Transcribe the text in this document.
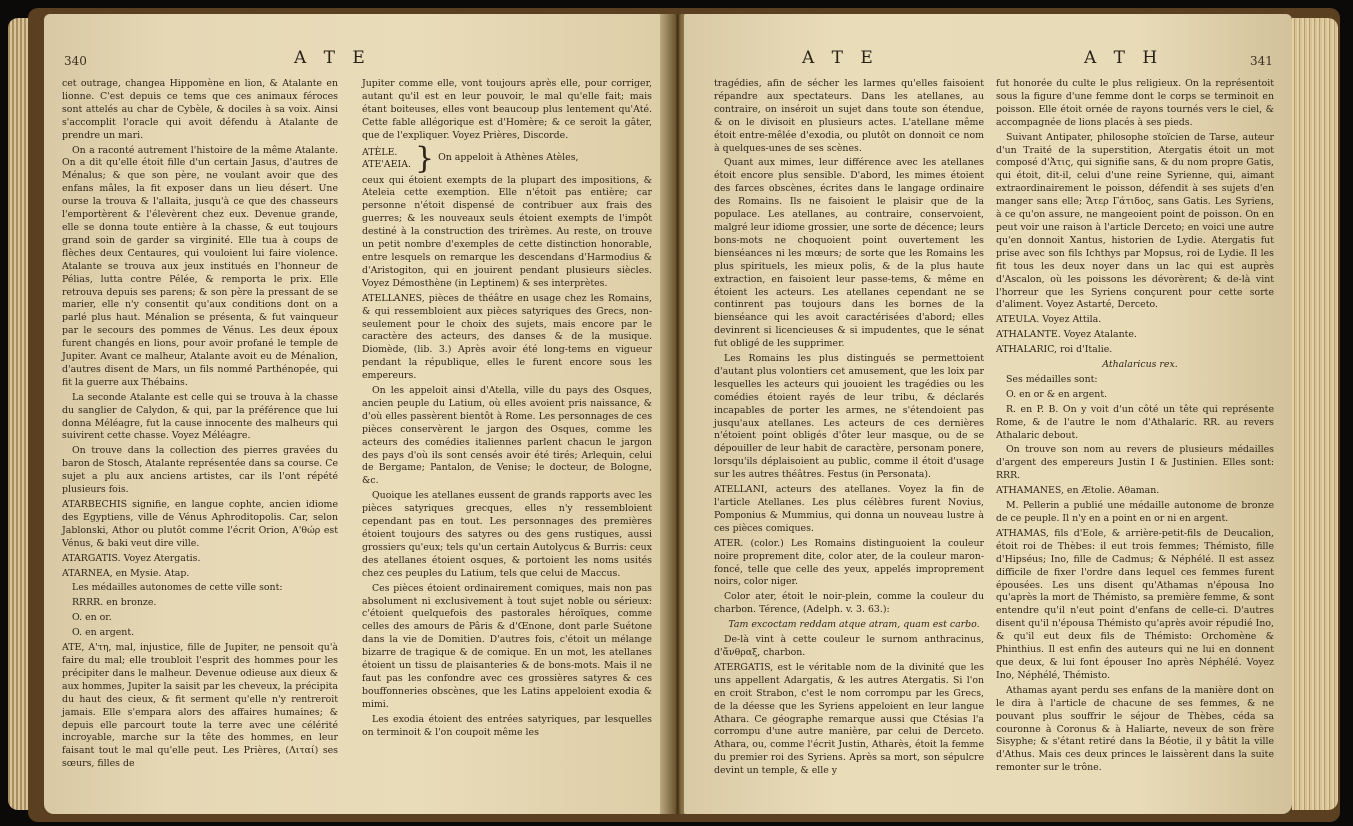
340	A T E

cet outrage, changea Hippomène en lion, & Atalante en lionne. C'est depuis ce tems que ces animaux féroces sont attelés au char de Cybèle, & dociles à sa voix. Ainsi s'accomplit l'oracle qui avoit défendu à Atalante de prendre un mari.

On a raconté autrement l'histoire de la même Atalante. On a dit qu'elle étoit fille d'un certain Jasus, d'autres de Ménalus; & que son père, ne voulant avoir que des enfans mâles, la fit exposer dans un lieu désert. Une ourse la trouva & l'allaita, jusqu'à ce que des chasseurs l'emportèrent & l'élevèrent chez eux. Devenue grande, elle se donna toute entière à la chasse, & eut toujours grand soin de garder sa virginité. Elle tua à coups de flèches deux Centaures, qui vouloient lui faire violence. Atalante se trouva aux jeux institués en l'honneur de Pélias, lutta contre Pélée, & remporta le prix. Elle retrouva depuis ses parens; & son père la pressant de se marier, elle n'y consentit qu'aux conditions dont on a parlé plus haut. Ménalion se présenta, & fut vainqueur par le secours des pommes de Vénus. Les deux époux furent changés en lions, pour avoir profané le temple de Jupiter. Avant ce malheur, Atalante avoit eu de Ménalion, d'autres disent de Mars, un fils nommé Parthénopée, qui fit la guerre aux Thébains.

La seconde Atalante est celle qui se trouva à la chasse du sanglier de Calydon, & qui, par la préférence que lui donna Méléagre, fut la cause innocente des malheurs qui suivirent cette chasse. Voyez Méléagre.

On trouve dans la collection des pierres gravées du baron de Stosch, Atalante représentée dans sa course. Ce sujet a plu aux anciens artistes, car ils l'ont répété plusieurs fois.

ATARBECHIS signifie, en langue cophte, ancien idiome des Egyptiens, ville de Vénus Aphroditopolis. Car, selon Jablonski, Athor ou plutôt comme l'écrit Orion, A'θώρ est Vénus, & baki veut dire ville.

ATARGATIS. Voyez Atergatis.

ATARNEA, en Mysie. Atap.

Les médailles autonomes de cette ville sont:

RRRR. en bronze.

O. en or.

O. en argent.

ATE, Α'τη, mal, injustice, fille de Jupiter, ne pensoit qu'à faire du mal; elle troubloit l'esprit des hommes pour les précipiter dans le malheur. Devenue odieuse aux dieux & aux hommes, Jupiter la saisit par les cheveux, la précipita du haut des cieux, & fit serment qu'elle n'y rentreroit jamais. Elle s'empara alors des affaires humaines; & depuis elle parcourt toute la terre avec une célérité incroyable, marche sur la tête des hommes, en leur faisant tout le mal qu'elle peut. Les Prières, (Λιταί) ses sœurs, filles de

Jupiter comme elle, vont toujours après elle, pour corriger, autant qu'il est en leur pouvoir, le mal qu'elle fait; mais étant boiteuses, elles vont beaucoup plus lentement qu'Até. Cette fable allégorique est d'Homère; & ce seroit la gâter, que de l'expliquer. Voyez Prières, Discorde.

ATÈLE.
ATE'AEIA. } On appeloit à Athènes Atèles,

ceux qui étoient exempts de la plupart des impositions, & Ateleia cette exemption. Elle n'étoit pas entière; car personne n'étoit dispensé de contribuer aux frais des guerres; & les nouveaux seuls étoient exempts de l'impôt destiné à la construction des trirèmes. Au reste, on trouve un petit nombre d'exemples de cette distinction honorable, entre lesquels on remarque les descendans d'Harmodius & d'Aristogiton, qui en jouirent pendant plusieurs siècles. Voyez Démosthène (in Leptinem) & ses interprètes.

ATELLANES, pièces de théâtre en usage chez les Romains, & qui ressembloient aux pièces satyriques des Grecs, non-seulement pour le choix des sujets, mais encore par le caractère des acteurs, des danses & de la musique. Diomède, (lib. 3.) Après avoir été long-tems en vigueur pendant la république, elles le furent encore sous les empereurs.

On les appeloit ainsi d'Atella, ville du pays des Osques, ancien peuple du Latium, où elles avoient pris naissance, & d'où elles passèrent bientôt à Rome. Les personnages de ces pièces conservèrent le jargon des Osques, comme les acteurs des comédies italiennes parlent chacun le jargon des pays d'où ils sont censés avoir été tirés; Arlequin, celui de Bergame; Pantalon, de Venise; le docteur, de Bologne, &c.

Quoique les atellanes eussent de grands rapports avec les pièces satyriques grecques, elles n'y ressembloient cependant pas en tout. Les personnages des premières étoient toujours des satyres ou des gens rustiques, aussi grossiers qu'eux; tels qu'un certain Autolycus & Burris: ceux des atellanes étoient osques, & portoient les noms usités chez ces peuples du Latium, tels que celui de Maccus.

Ces pièces étoient ordinairement comiques, mais non pas absolument ni exclusivement à tout sujet noble ou sérieux: c'étoient quelquefois des pastorales héroïques, comme celles des amours de Pâris & d'Œnone, dont parle Suétone dans la vie de Domitien. D'autres fois, c'étoit un mélange bizarre de tragique & de comique. En un mot, les atellanes étoient un tissu de plaisanteries & de bons-mots. Mais il ne faut pas les confondre avec ces grossières satyres & ces bouffonneries obscènes, que les Latins appeloient exodia & mimi.

Les exodia étoient des entrées satyriques, par lesquelles on terminoit & l'on coupoit même les

A T E	A T H	341

tragédies, afin de sécher les larmes qu'elles faisoient répandre aux spectateurs. Dans les atellanes, au contraire, on inséroit un sujet dans toute son étendue, & on le divisoit en plusieurs actes. L'atellane même étoit entre-mêlée d'exodia, ou plutôt on donnoit ce nom à quelques-unes de ses scènes.

Quant aux mimes, leur différence avec les atellanes étoit encore plus sensible. D'abord, les mimes étoient des farces obscènes, écrites dans le langage ordinaire des Romains. Ils ne faisoient le plaisir que de la populace. Les atellanes, au contraire, conservoient, malgré leur idiome grossier, une sorte de décence; leurs bons-mots ne choquoient point ouvertement les bienséances ni les mœurs; de sorte que les Romains les plus spirituels, les mieux polis, & de la plus haute extraction, en faisoient leur passe-tems, & même en étoient les acteurs. Les atellanes cependant ne se continrent pas toujours dans les bornes de la bienséance qui les avoit caractérisées d'abord; elles devinrent si licencieuses & si impudentes, que le sénat fut obligé de les supprimer.

Les Romains les plus distingués se permettoient d'autant plus volontiers cet amusement, que les loix par lesquelles les acteurs qui jouoient les tragédies ou les comédies étoient rayés de leur tribu, & déclarés incapables de porter les armes, ne s'étendoient pas jusqu'aux atellanes. Les acteurs de ces dernières n'étoient point obligés d'ôter leur masque, ou de se dépouiller de leur habit de caractère, personam ponere, lorsqu'ils déplaisoient au public, comme il étoit d'usage sur les autres théâtres. Festus (in Personata).

ATELLANI, acteurs des atellanes. Voyez la fin de l'article Atellanes. Les plus célèbres furent Novius, Pomponius & Mummius, qui donna un nouveau lustre à ces pièces comiques.

ATER. (color.) Les Romains distinguoient la couleur noire proprement dite, color ater, de la couleur maron-foncé, telle que celle des yeux, appelés improprement noirs, color niger.

Color ater, étoit le noir-plein, comme la couleur du charbon. Térence, (Adelph. v. 3. 63.):

Tam excoctam reddam atque atram, quam est carbo.

De-là vint à cette couleur le surnom anthracinus, d'ἄνθραξ, charbon.

ATERGATIS, est le véritable nom de la divinité que les uns appellent Adargatis, & les autres Atergatis. Si l'on en croit Strabon, c'est le nom corrompu par les Grecs, de la déesse que les Syriens appeloient en leur langue Athara. Ce géographe remarque aussi que Ctésias l'a corrompu d'une autre manière, par celui de Derceto. Athara, ou, comme l'écrit Justin, Atharès, étoit la femme du premier roi des Syriens. Après sa mort, son sépulcre devint un temple, & elle y

fut honorée du culte le plus religieux. On la représentoit sous la figure d'une femme dont le corps se terminoit en poisson. Elle étoit ornée de rayons tournés vers le ciel, & accompagnée de lions placés à ses pieds.

Suivant Antipater, philosophe stoïcien de Tarse, auteur d'un Traité de la superstition, Atergatis étoit un mot composé d'Ἀτις, qui signifie sans, & du nom propre Gatis, qui étoit, dit-il, celui d'une reine Syrienne, qui, aimant extraordinairement le poisson, défendit à ses sujets d'en manger sans elle; Ἄτερ Γάτιδος, sans Gatis. Les Syriens, à ce qu'on assure, ne mangeoient point de poisson. On en peut voir une raison à l'article Derceto; en voici une autre qu'en donnoit Xantus, historien de Lydie. Atergatis fut prise avec son fils Ichthys par Mopsus, roi de Lydie. Il les fit tous les deux noyer dans un lac qui est auprès d'Ascalon, où les poissons les dévorèrent; & de-là vint l'horreur que les Syriens conçurent pour cette sorte d'aliment. Voyez Astarté, Derceto.

ATEULA. Voyez Attila.

ATHALANTE. Voyez Atalante.

ATHALARIC, roi d'Italie.

Athalaricus rex.

Ses médailles sont:

O. en or & en argent.

R. en P. B. On y voit d'un côté un tête qui représente Rome, & de l'autre le nom d'Athalaric. RR. au revers Athalaric debout.

On trouve son nom au revers de plusieurs médailles d'argent des empereurs Justin I & Justinien. Elles sont: RRR.

ATHAMANES, en Ætolie. Aθaman.

M. Pellerin a publié une médaille autonome de bronze de ce peuple. Il n'y en a point en or ni en argent.

ATHAMAS, fils d'Eole, & arrière-petit-fils de Deucalion, étoit roi de Thèbes: il eut trois femmes; Thémisto, fille d'Hipséus; Ino, fille de Cadmus; & Néphélé. Il est assez difficile de fixer l'ordre dans lequel ces femmes furent épousées. Les uns disent qu'Athamas n'épousa Ino qu'après la mort de Thémisto, sa première femme, & sont entendre qu'il n'eut point d'enfans de celle-ci. D'autres disent qu'il n'épousa Thémisto qu'après avoir répudié Ino, & qu'il eut deux fils de Thémisto: Orchomène & Phinthius. Il est enfin des auteurs qui ne lui en donnent que deux, & lui font épouser Ino après Néphélé. Voyez Ino, Néphélé, Thémisto.

Athamas ayant perdu ses enfans de la manière dont on le dira à l'article de chacune de ses femmes, & ne pouvant plus souffrir le séjour de Thèbes, céda sa couronne à Coronus & à Haliarte, neveux de son frère Sisyphe; & s'étant retiré dans la Béotie, il y bâtit la ville d'Athus. Mais ces deux princes le laissèrent dans la suite remonter sur le trône.
